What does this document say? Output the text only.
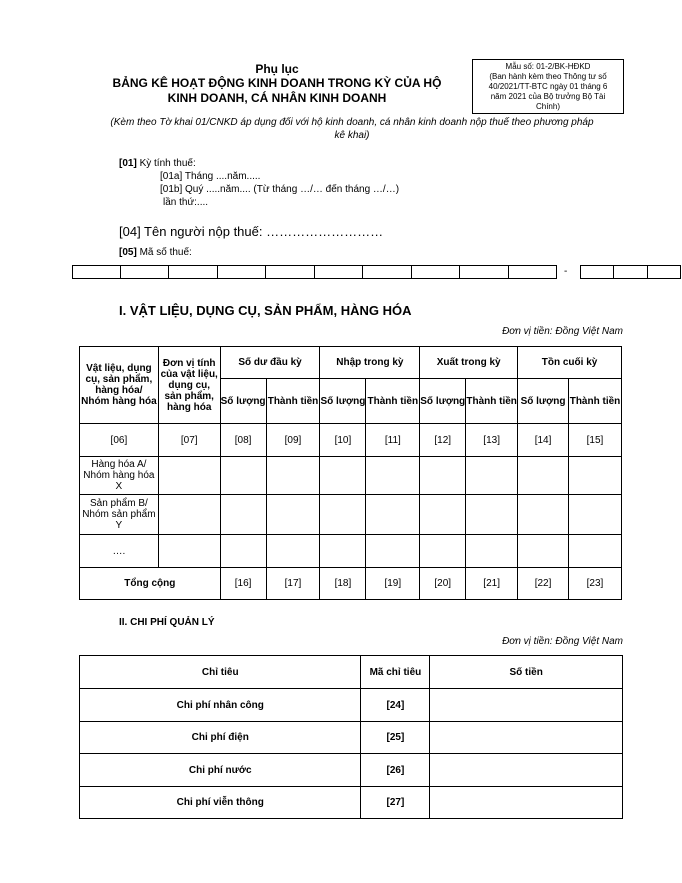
Mẫu số: 01-2/BK-HĐKD
(Ban hành kèm theo Thông tư số
40/2021/TT-BTC ngày 01 tháng 6
năm 2021 của Bộ trưởng Bộ Tài
Chính)
Phụ lục
BẢNG KÊ HOẠT ĐỘNG KINH DOANH TRONG KỲ CỦA HỘ
KINH DOANH, CÁ NHÂN KINH DOANH
(Kèm theo Tờ khai 01/CNKD áp dụng đối với hộ kinh doanh, cá nhân kinh doanh nộp thuế theo phương pháp
kê khai)
[01] Kỳ tính thuế:
[01a] Tháng ....năm.....
[01b] Quý .....năm.... (Từ tháng …/… đến tháng …/…)
lần thứ:....
[04] Tên người nộp thuế: ………………………
[05] Mã số thuế:
-
I. VẬT LIỆU, DỤNG CỤ, SẢN PHẨM, HÀNG HÓA
Đơn vị tiền: Đồng Việt Nam
Vật liệu, dụng cụ, sản phẩm, hàng hóa/ Nhóm hàng hóa	Đơn vị tính của vật liệu, dụng cụ, sản phẩm, hàng hóa	Số dư đầu kỳ		Nhập trong kỳ		Xuất trong kỳ		Tồn cuối kỳ	
		Số lượng	Thành tiền	Số lượng	Thành tiền	Số lượng	Thành tiền	Số lượng	Thành tiền
[06]	[07]	[08]	[09]	[10]	[11]	[12]	[13]	[14]	[15]
Hàng hóa A/ Nhóm hàng hóa X									
Sản phẩm B/ Nhóm sản phẩm Y									
….									
Tổng cộng		[16]	[17]	[18]	[19]	[20]	[21]	[22]	[23]
II. CHI PHÍ QUẢN LÝ
Đơn vị tiền: Đồng Việt Nam
Chỉ tiêu	Mã chỉ tiêu	Số tiền
Chi phí nhân công	[24]	
Chi phí điện	[25]	
Chi phí nước	[26]	
Chi phí viễn thông	[27]	
